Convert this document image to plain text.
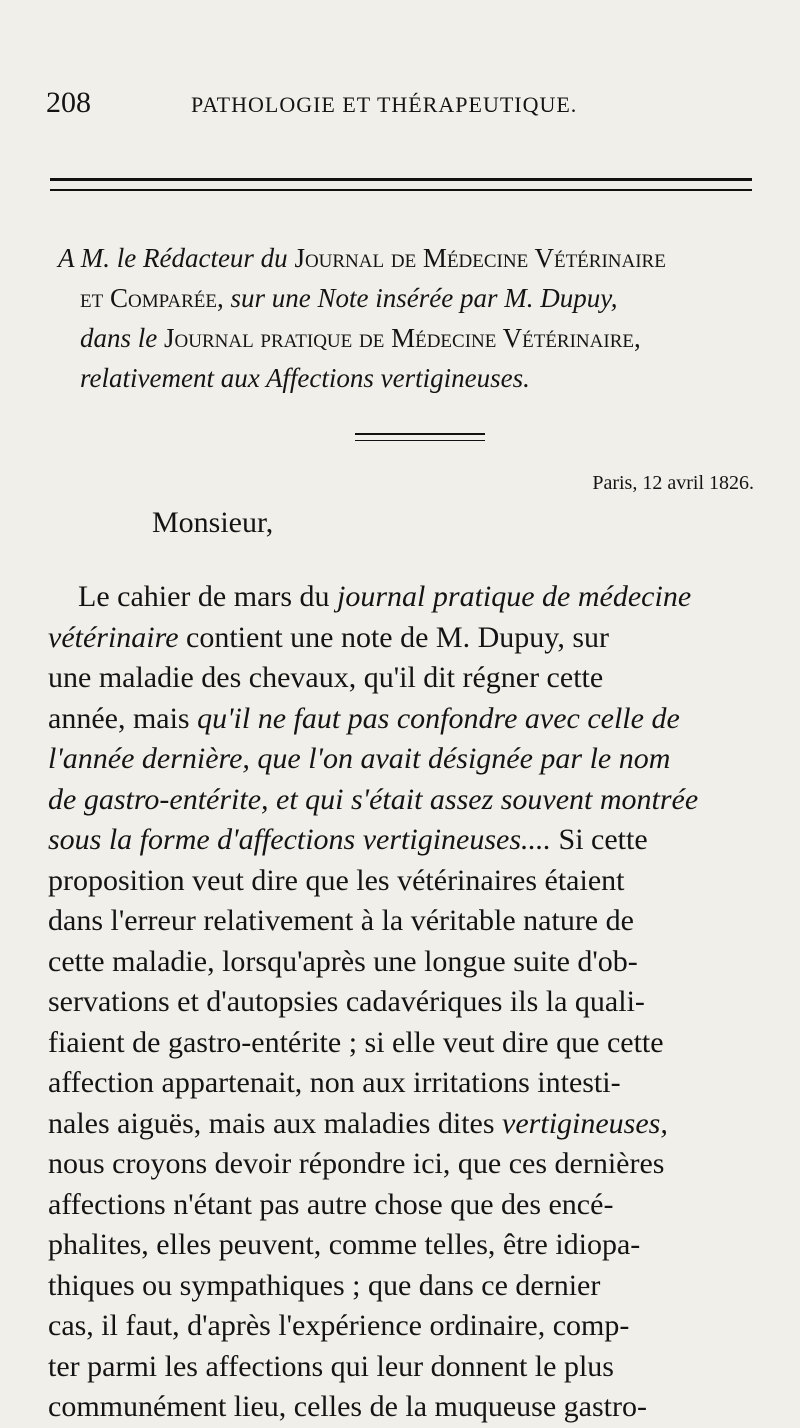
208	PATHOLOGIE ET THÉRAPEUTIQUE.
A M. le Rédacteur du Journal de Médecine Vétérinaire
et Comparée, sur une Note insérée par M. Dupuy,
dans le Journal pratique de Médecine Vétérinaire,
relativement aux Affections vertigineuses.
Paris, 12 avril 1826.
Monsieur,
Le cahier de mars du journal pratique de médecine
vétérinaire contient une note de M. Dupuy, sur
une maladie des chevaux, qu'il dit régner cette
année, mais qu'il ne faut pas confondre avec celle de
l'année dernière, que l'on avait désignée par le nom
de gastro-entérite, et qui s'était assez souvent montrée
sous la forme d'affections vertigineuses.... Si cette
proposition veut dire que les vétérinaires étaient
dans l'erreur relativement à la véritable nature de
cette maladie, lorsqu'après une longue suite d'ob-
servations et d'autopsies cadavériques ils la quali-
fiaient de gastro-entérite ; si elle veut dire que cette
affection appartenait, non aux irritations intesti-
nales aiguës, mais aux maladies dites vertigineuses,
nous croyons devoir répondre ici, que ces dernières
affections n'étant pas autre chose que des encé-
phalites, elles peuvent, comme telles, être idiopa-
thiques ou sympathiques ; que dans ce dernier
cas, il faut, d'après l'expérience ordinaire, comp-
ter parmi les affections qui leur donnent le plus
communément lieu, celles de la muqueuse gastro-
